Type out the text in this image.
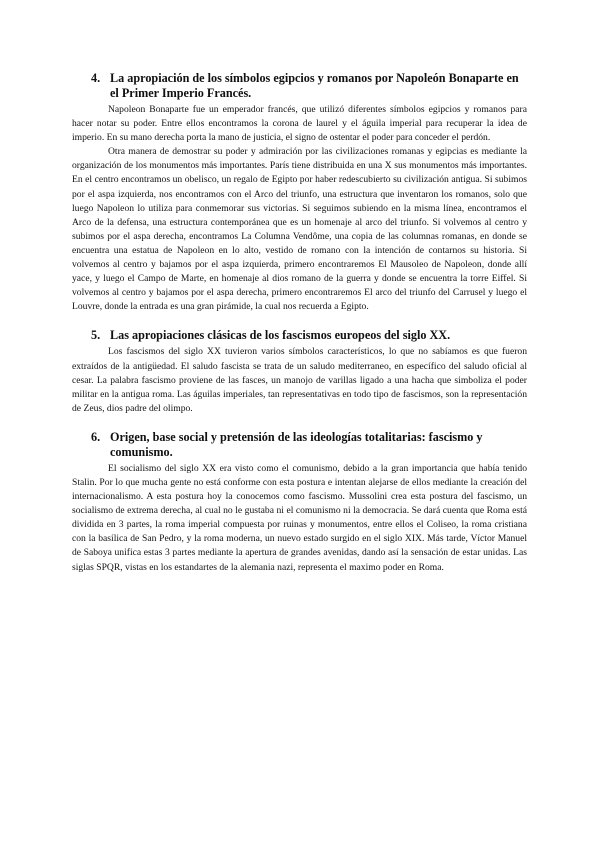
4. La apropiación de los símbolos egipcios y romanos por Napoleón Bonaparte en el Primer Imperio Francés.

Napoleon Bonaparte fue un emperador francés, que utilizó diferentes símbolos egipcios y romanos para hacer notar su poder. Entre ellos encontramos la corona de laurel y el águila imperial para recuperar la idea de imperio. En su mano derecha porta la mano de justicia, el signo de ostentar el poder para conceder el perdón.

Otra manera de demostrar su poder y admiración por las civilizaciones romanas y egipcias es mediante la organización de los monumentos más importantes. París tiene distribuida en una X sus monumentos más importantes. En el centro encontramos un obelisco, un regalo de Egipto por haber redescubierto su civilización antigua. Si subimos por el aspa izquierda, nos encontramos con el Arco del triunfo, una estructura que inventaron los romanos, solo que luego Napoleon lo utiliza para conmemorar sus victorias. Si seguimos subiendo en la misma línea, encontramos el Arco de la defensa, una estructura contemporánea que es un homenaje al arco del triunfo. Si volvemos al centro y subimos por el aspa derecha, encontramos La Columna Vendôme, una copia de las columnas romanas, en donde se encuentra una estatua de Napoleon en lo alto, vestido de romano con la intención de contarnos su historia. Si volvemos al centro y bajamos por el aspa izquierda, primero encontraremos El Mausoleo de Napoleon, donde allí yace, y luego el Campo de Marte, en homenaje al dios romano de la guerra y donde se encuentra la torre Eiffel. Si volvemos al centro y bajamos por el aspa derecha, primero encontraremos El arco del triunfo del Carrusel y luego el Louvre, donde la entrada es una gran pirámide, la cual nos recuerda a Egipto.

5. Las apropiaciones clásicas de los fascismos europeos del siglo XX.

Los fascismos del siglo XX tuvieron varios símbolos característicos, lo que no sabíamos es que fueron extraídos de la antigüedad. El saludo fascista se trata de un saludo mediterraneo, en específico del saludo oficial al cesar. La palabra fascismo proviene de las fasces, un manojo de varillas ligado a una hacha que simboliza el poder militar en la antigua roma. Las águilas imperiales, tan representativas en todo tipo de fascismos, son la representación de Zeus, dios padre del olimpo.

6. Origen, base social y pretensión de las ideologías totalitarias: fascismo y comunismo.

El socialismo del siglo XX era visto como el comunismo, debido a la gran importancia que había tenido Stalin. Por lo que mucha gente no está conforme con esta postura e intentan alejarse de ellos mediante la creación del internacionalismo. A esta postura hoy la conocemos como fascismo. Mussolini crea esta postura del fascismo, un socialismo de extrema derecha, al cual no le gustaba ni el comunismo ni la democracia. Se dará cuenta que Roma está dividida en 3 partes, la roma imperial compuesta por ruinas y monumentos, entre ellos el Coliseo, la roma cristiana con la basílica de San Pedro, y la roma moderna, un nuevo estado surgido en el siglo XIX. Más tarde, Víctor Manuel de Saboya unifica estas 3 partes mediante la apertura de grandes avenidas, dando así la sensación de estar unidas. Las siglas SPQR, vistas en los estandartes de la alemania nazi, representa el maximo poder en Roma.
